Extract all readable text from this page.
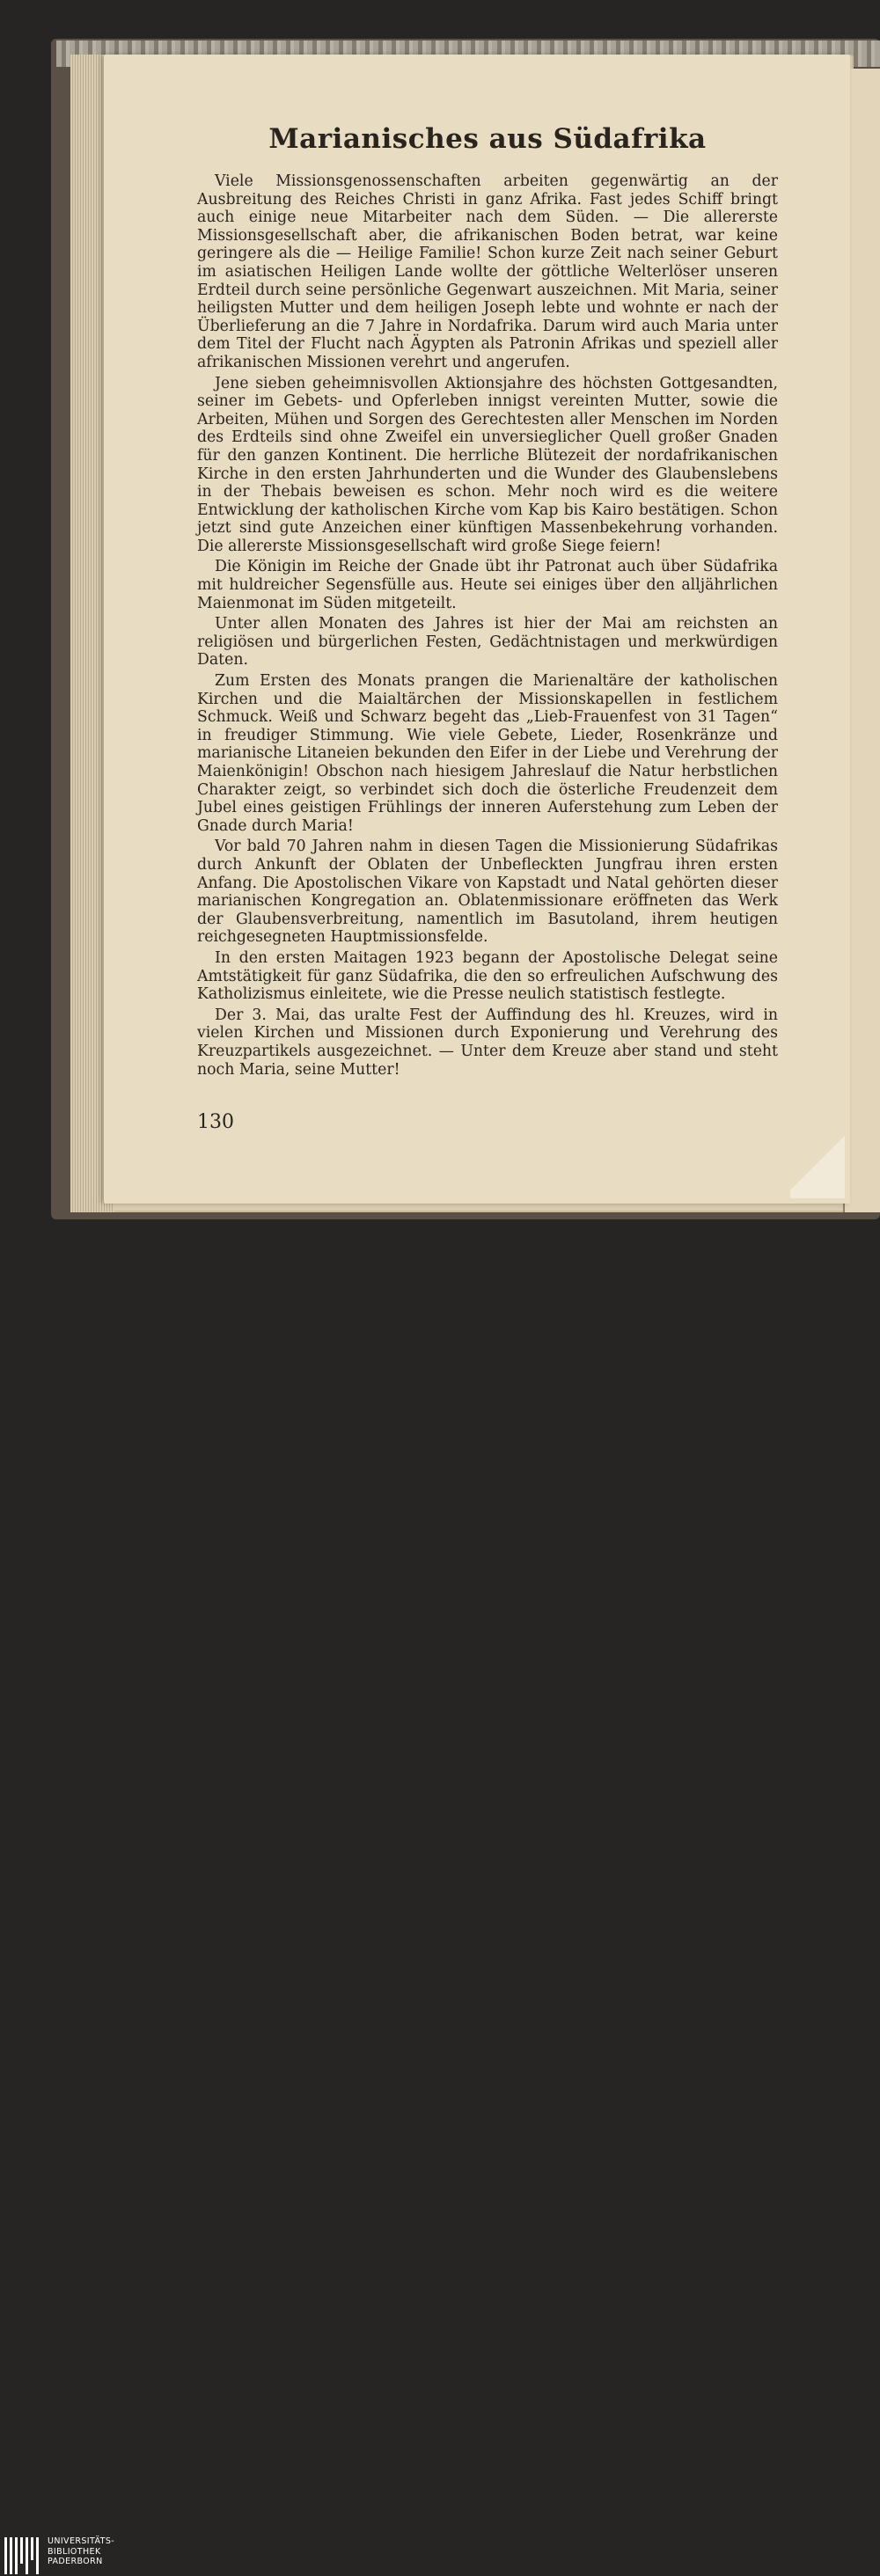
Marianisches aus Südafrika

Viele Missionsgenossenschaften arbeiten gegenwärtig an der Ausbreitung des Reiches Christi in ganz Afrika. Fast jedes Schiff bringt auch einige neue Mitarbeiter nach dem Süden. — Die allererste Missionsgesellschaft aber, die afrikanischen Boden betrat, war keine geringere als die — Heilige Familie! Schon kurze Zeit nach seiner Geburt im asiatischen Heiligen Lande wollte der göttliche Welterlöser unseren Erdteil durch seine persönliche Gegenwart auszeichnen. Mit Maria, seiner heiligsten Mutter und dem heiligen Joseph lebte und wohnte er nach der Überlieferung an die 7 Jahre in Nordafrika. Darum wird auch Maria unter dem Titel der Flucht nach Ägypten als Patronin Afrikas und speziell aller afrikanischen Missionen verehrt und angerufen.

Jene sieben geheimnisvollen Aktionsjahre des höchsten Gottgesandten, seiner im Gebets- und Opferleben innigst vereinten Mutter, sowie die Arbeiten, Mühen und Sorgen des Gerechtesten aller Menschen im Norden des Erdteils sind ohne Zweifel ein unversieglicher Quell großer Gnaden für den ganzen Kontinent. Die herrliche Blütezeit der nordafrikanischen Kirche in den ersten Jahrhunderten und die Wunder des Glaubenslebens in der Thebais beweisen es schon. Mehr noch wird es die weitere Entwicklung der katholischen Kirche vom Kap bis Kairo bestätigen. Schon jetzt sind gute Anzeichen einer künftigen Massenbekehrung vorhanden. Die allererste Missionsgesellschaft wird große Siege feiern!

Die Königin im Reiche der Gnade übt ihr Patronat auch über Südafrika mit huldreicher Segensfülle aus. Heute sei einiges über den alljährlichen Maienmonat im Süden mitgeteilt.

Unter allen Monaten des Jahres ist hier der Mai am reichsten an religiösen und bürgerlichen Festen, Gedächtnistagen und merkwürdigen Daten.

Zum Ersten des Monats prangen die Marienaltäre der katholischen Kirchen und die Maialtärchen der Missionskapellen in festlichem Schmuck. Weiß und Schwarz begeht das „Lieb-Frauenfest von 31 Tagen“ in freudiger Stimmung. Wie viele Gebete, Lieder, Rosenkränze und marianische Litaneien bekunden den Eifer in der Liebe und Verehrung der Maienkönigin! Obschon nach hiesigem Jahreslauf die Natur herbstlichen Charakter zeigt, so verbindet sich doch die österliche Freudenzeit dem Jubel eines geistigen Frühlings der inneren Auferstehung zum Leben der Gnade durch Maria!

Vor bald 70 Jahren nahm in diesen Tagen die Missionierung Südafrikas durch Ankunft der Oblaten der Unbefleckten Jungfrau ihren ersten Anfang. Die Apostolischen Vikare von Kapstadt und Natal gehörten dieser marianischen Kongregation an. Oblatenmissionare eröffneten das Werk der Glaubensverbreitung, namentlich im Basutoland, ihrem heutigen reichgesegneten Hauptmissionsfelde.

In den ersten Maitagen 1923 begann der Apostolische Delegat seine Amtstätigkeit für ganz Südafrika, die den so erfreulichen Aufschwung des Katholizismus einleitete, wie die Presse neulich statistisch festlegte.

Der 3. Mai, das uralte Fest der Auffindung des hl. Kreuzes, wird in vielen Kirchen und Missionen durch Exponierung und Verehrung des Kreuzpartikels ausgezeichnet. — Unter dem Kreuze aber stand und steht noch Maria, seine Mutter!

130
UNIVERSITÄTS-
BIBLIOTHEK
PADERBORN
